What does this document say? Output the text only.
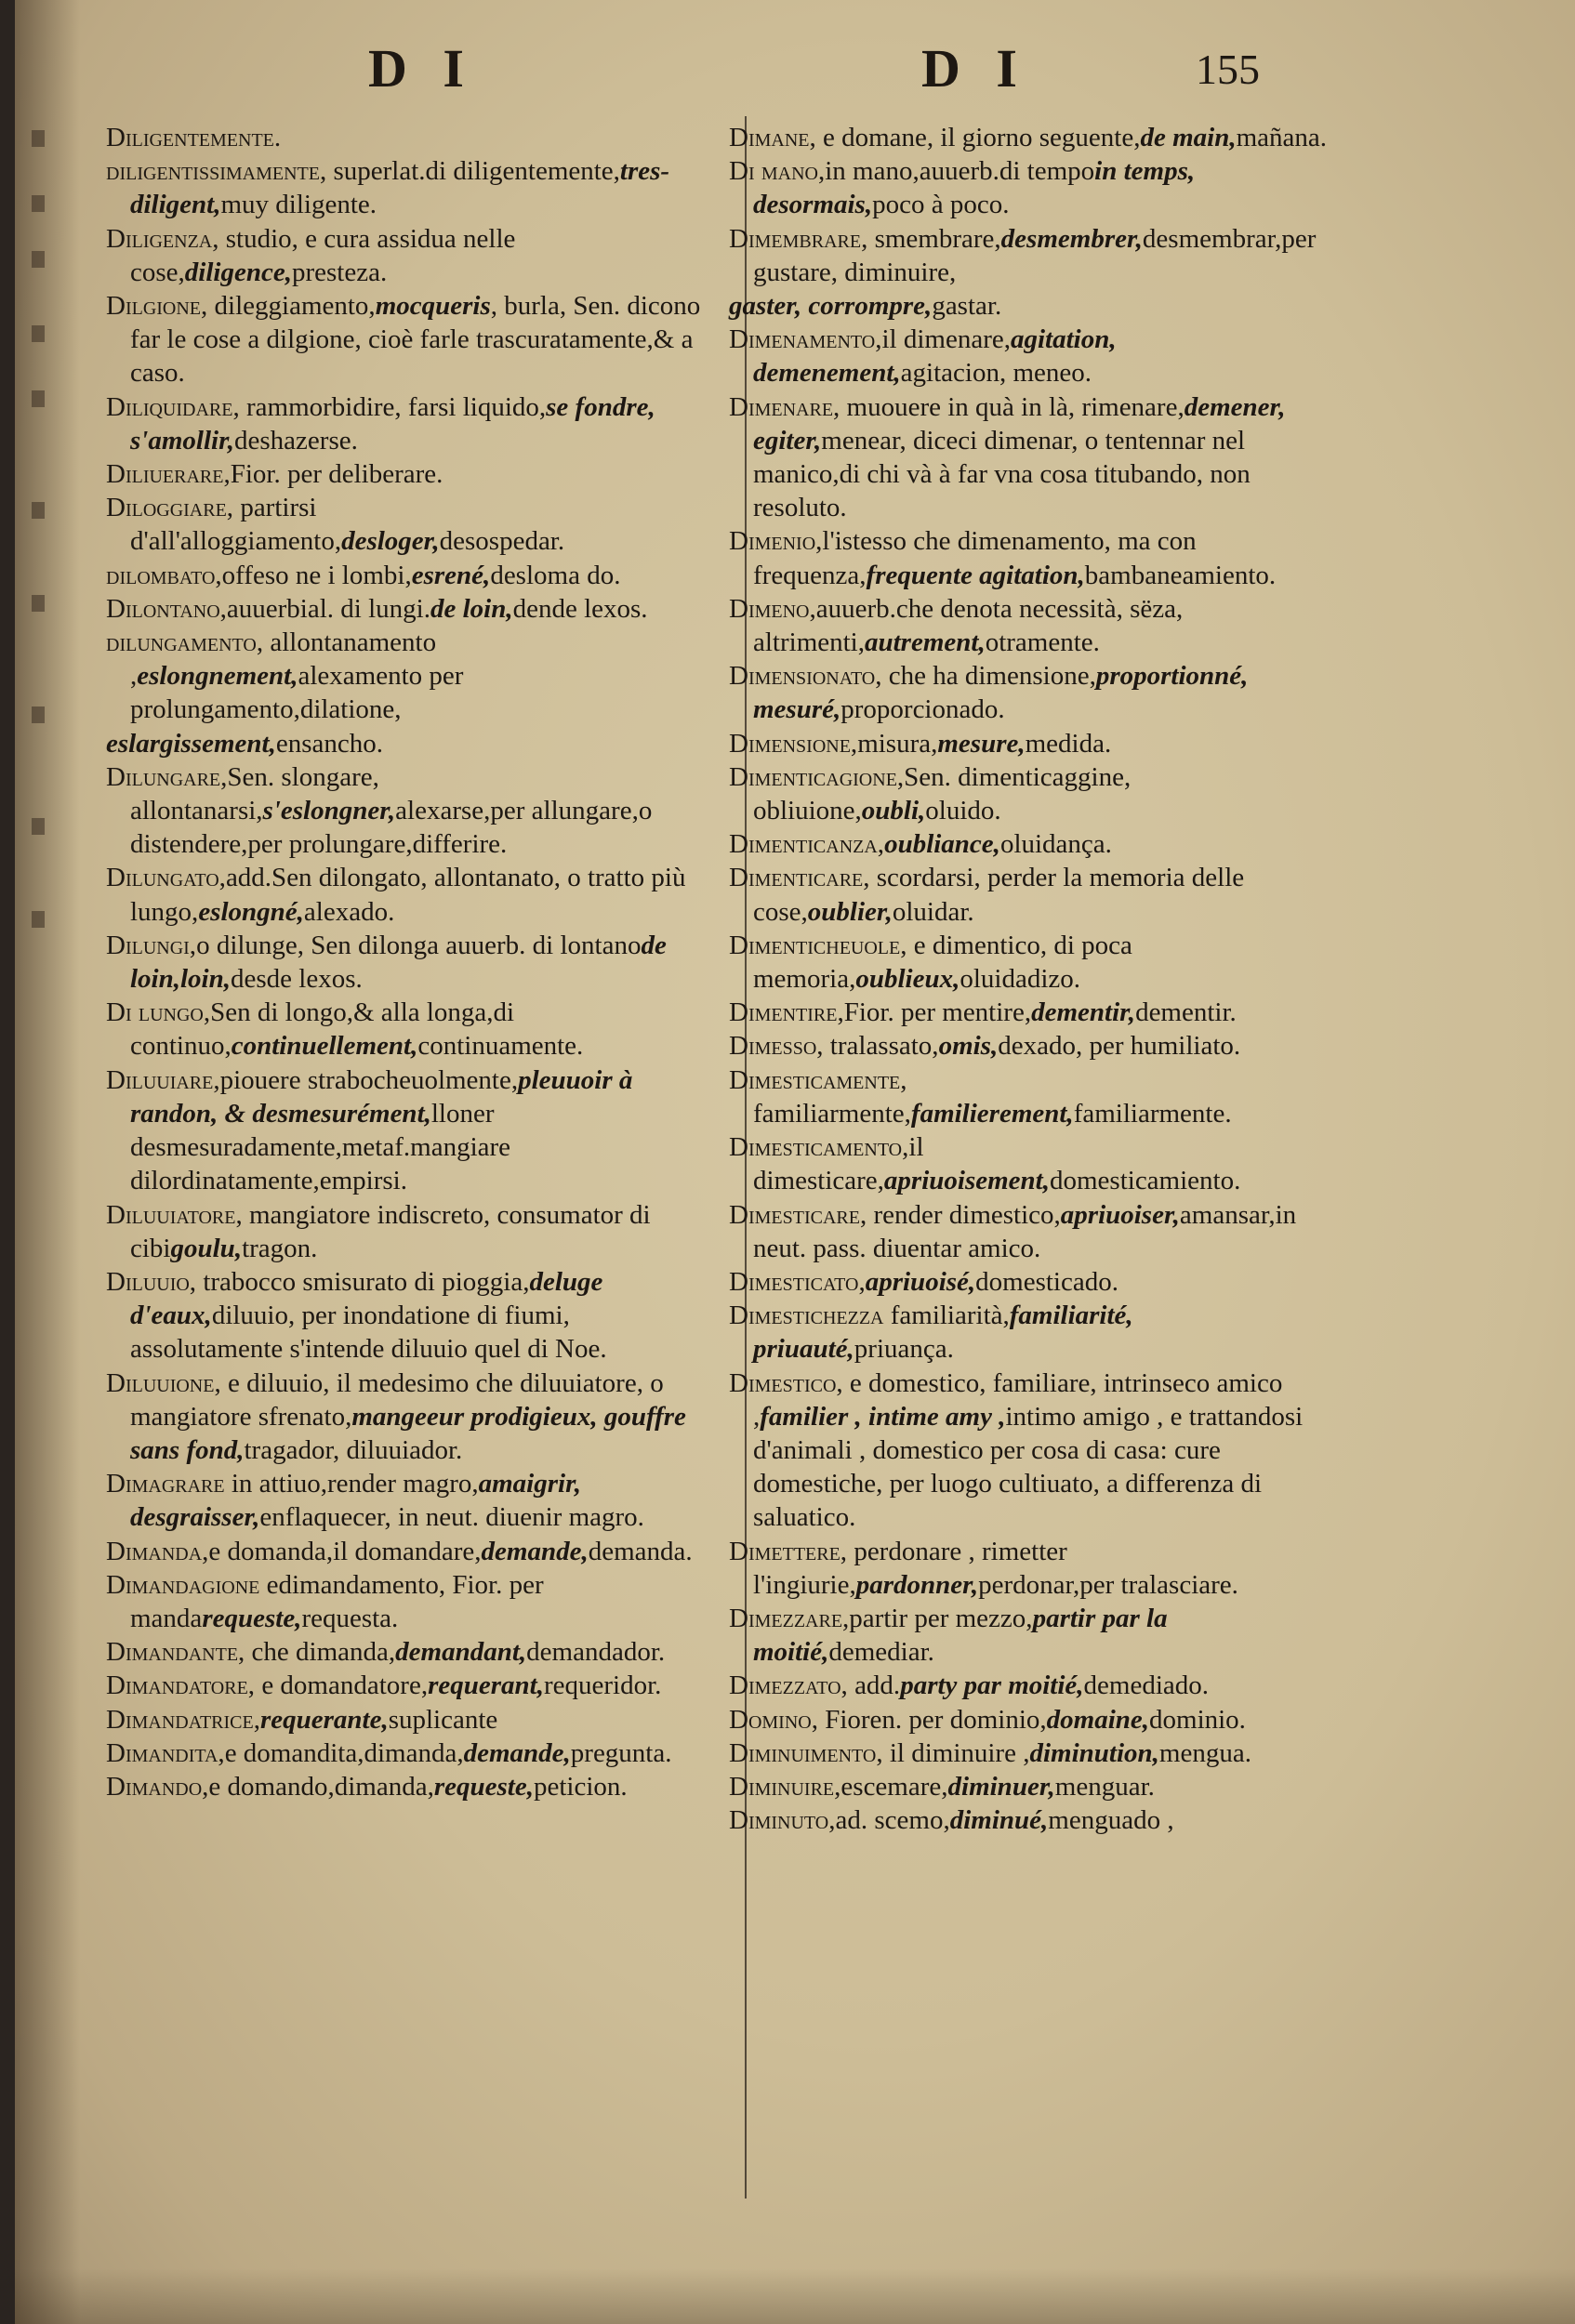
D I	D I	155

Diligentemente.

diligentissimamente, superlat.di diligentemente,tres-diligent,muy diligente.

Diligenza, studio, e cura assidua nelle cose,diligence,presteza.

Dilgione, dileggiamento,mocqueris, burla, Sen. dicono far le cose a dilgione, cioè farle trascuratamente,& a caso.

Diliquidare, rammorbidire, farsi liquido,se fondre, s'amollir,deshazerse.

Diliuerare,Fior. per deliberare.

Diloggiare, partirsi d'all'alloggiamento,desloger,desospedar.

dilombato,offeso ne i lombi,esrené,desloma do.

Dilontano,auuerbial. di lungi.de loin,dende lexos.

dilungamento, allontanamento ,eslongnement,alexamento per prolungamento,dilatione,

eslargissement,ensancho.

Dilungare,Sen. slongare, allontanarsi,s'eslongner,alexarse,per allungare,o distendere,per prolungare,differire.

Dilungato,add.Sen dilongato, allontanato, o tratto più lungo,eslongné,alexado.

Dilungi,o dilunge, Sen dilonga auuerb. di lontanode loin,loin,desde lexos.

Di lungo,Sen di longo,& alla longa,di continuo,continuellement,continuamente.

Diluuiare,piouere strabocheuolmente,pleuuoir à randon, & desmesurément,lloner desmesuradamente,metaf.mangiare dilordinatamente,empirsi.

Diluuiatore, mangiatore indiscreto, consumator di cibigoulu,tragon.

Diluuio, trabocco smisurato di pioggia,deluge d'eaux,diluuio, per inondatione di fiumi, assolutamente s'intende diluuio quel di Noe.

Diluuione, e diluuio, il medesimo che diluuiatore, o mangiatore sfrenato,mangeeur prodigieux, gouffre sans fond,tragador, diluuiador.

Dimagrare in attiuo,render magro,amaigrir, desgraisser,enflaquecer, in neut. diuenir magro.

Dimanda,e domanda,il domandare,demande,demanda.

Dimandagione edimandamento, Fior. per mandarequeste,requesta.

Dimandante, che dimanda,demandant,demandador.

Dimandatore, e domandatore,requerant,requeridor.

Dimandatrice,requerante,suplicante

Dimandita,e domandita,dimanda,demande,pregunta.

Dimando,e domando,dimanda,requeste,peticion.

Dimane, e domane, il giorno seguente,de main,mañana.

Di mano,in mano,auuerb.di tempoin temps, desormais,poco à poco.

Dimembrare, smembrare,desmembrer,desmembrar,per gustare, diminuire,

gaster, corrompre,gastar.

Dimenamento,il dimenare,agitation, demenement,agitacion, meneo.

Dimenare, muouere in quà in là, rimenare,demener, egiter,menear, diceci dimenar, o tentennar nel manico,di chi và à far vna cosa titubando, non resoluto.

Dimenio,l'istesso che dimenamento, ma con frequenza,frequente agitation,bambaneamiento.

Dimeno,auuerb.che denota necessità, sëza, altrimenti,autrement,otramente.

Dimensionato, che ha dimensione,proportionné, mesuré,proporcionado.

Dimensione,misura,mesure,medida.

Dimenticagione,Sen. dimenticaggine, obliuione,oubli,oluido.

Dimenticanza,oubliance,oluidança.

Dimenticare, scordarsi, perder la memoria delle cose,oublier,oluidar.

Dimenticheuole, e dimentico, di poca memoria,oublieux,oluidadizo.

Dimentire,Fior. per mentire,dementir,dementir.

Dimesso, tralassato,omis,dexado, per humiliato.

Dimesticamente, familiarmente,familierement,familiarmente.

Dimesticamento,il dimesticare,apriuoisement,domesticamiento.

Dimesticare, render dimestico,apriuoiser,amansar,in neut. pass. diuentar amico.

Dimesticato,apriuoisé,domesticado.

Dimestichezza familiarità,familiarité, priuauté,priuança.

Dimestico, e domestico, familiare, intrinseco amico ,familier , intime amy ,intimo amigo , e trattandosi d'animali , domestico per cosa di casa: cure domestiche, per luogo cultiuato, a differenza di saluatico.

Dimettere, perdonare , rimetter l'ingiurie,pardonner,perdonar,per tralasciare.

Dimezzare,partir per mezzo,partir par la moitié,demediar.

Dimezzato, add.party par moitié,demediado.

Domino, Fioren. per dominio,domaine,dominio.

Diminuimento, il diminuire ,diminution,mengua.

Diminuire,escemare,diminuer,menguar.

Diminuto,ad. scemo,diminué,menguado ,
